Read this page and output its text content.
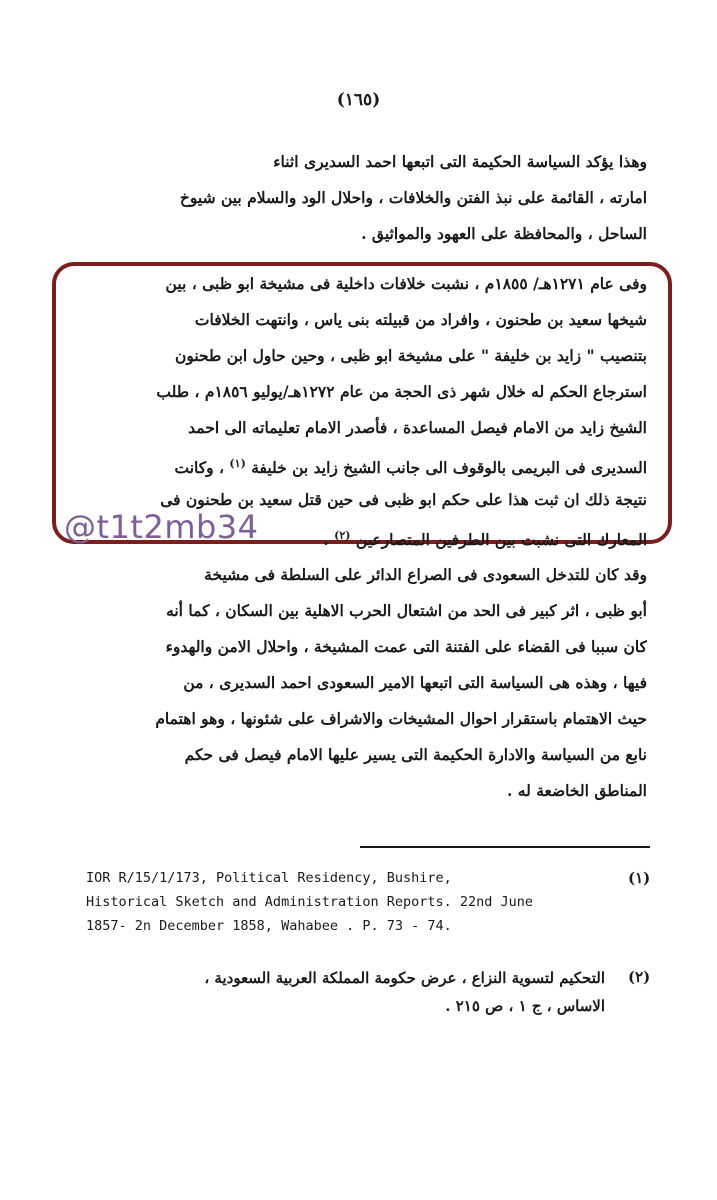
(١٦٥)
وهذا يؤكد السياسة الحكيمة التى اتبعها احمد السديرى اثناء
امارته ، القائمة على نبذ الفتن والخلافات ، واحلال الود والسلام بين شيوخ
الساحل ، والمحافظة على العهود والمواثيق .
وفى عام ١٢٧١هـ/ ١٨٥٥م ، نشبت خلافات داخلية فى مشيخة ابو ظبى ، بين
شيخها سعيد بن طحنون ، وافراد من قبيلته بنى ياس ، وانتهت الخلافات
بتنصيب " زايد بن خليفة " على مشيخة ابو ظبى ، وحين حاول ابن طحنون
استرجاع الحكم له خلال شهر ذى الحجة من عام ١٢٧٢هـ/يوليو ١٨٥٦م ، طلب
الشيخ زايد من الامام فيصل المساعدة ، فأصدر الامام تعليماته الى احمد
السديرى فى البريمى بالوقوف الى جانب الشيخ زايد بن خليفة $^{(١)}$ ، وكانت
نتيجة ذلك ان ثبت هذا على حكم ابو ظبى فى حين قتل سعيد بن طحنون فى
المعارك التى نشبت بين الطرفين المتصارعين $^{(٢)}$ .
@t1t2mb34
وقد كان للتدخل السعودى فى الصراع الدائر على السلطة فى مشيخة
أبو ظبى ، اثر كبير فى الحد من اشتعال الحرب الاهلية بين السكان ، كما أنه
كان سببا فى القضاء على الفتنة التى عمت المشيخة ، واحلال الامن والهدوء
فيها ، وهذه هى السياسة التى اتبعها الامير السعودى احمد السديرى ، من
حيث الاهتمام باستقرار احوال المشيخات والاشراف على شئونها ، وهو اهتمام
نابع من السياسة والادارة الحكيمة التى يسير عليها الامام فيصل فى حكم
المناطق الخاضعة له .
(١)
IOR R/15/1/173, Political Residency, Bushire,
Historical Sketch and Administration Reports. 22nd June
1857- 2n December 1858, Wahabee . P. 73 - 74.
(٢)
التحكيم لتسوية النزاع ، عرض حكومة المملكة العربية السعودية ،
الاساس ، ج ١ ، ص ٢١٥ .
